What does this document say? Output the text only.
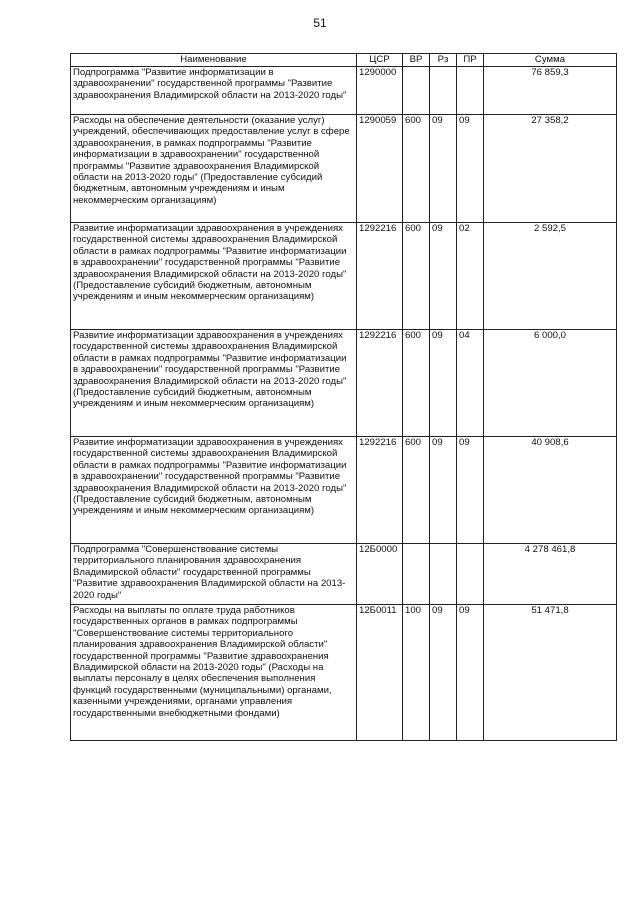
51
Наименование	ЦСР	ВР	Рз	ПР	Сумма
Подпрограмма "Развитие информатизации в здравоохранении" государственной программы "Развитие здравоохранения Владимирской области на 2013-2020 годы"	1290000				76 859,3
Расходы на обеспечение деятельности (оказание услуг) учреждений, обеспечивающих предоставление услуг в сфере здравоохранения, в рамках подпрограммы "Развитие информатизации в здравоохранении" государственной программы "Развитие здравоохранения Владимирской области на 2013-2020 годы" (Предоставление субсидий бюджетным, автономным учреждениям и иным некоммерческим организациям)	1290059	600	09	09	27 358,2
Развитие информатизации здравоохранения в учреждениях государственной системы здравоохранения Владимирской области в рамках подпрограммы "Развитие информатизации в здравоохранении" государственной программы "Развитие здравоохранения Владимирской области на 2013-2020 годы" (Предоставление субсидий бюджетным, автономным учреждениям и иным некоммерческим организациям)	1292216	600	09	02	2 592,5
Развитие информатизации здравоохранения в учреждениях государственной системы здравоохранения Владимирской области в рамках подпрограммы "Развитие информатизации в здравоохранении" государственной программы "Развитие здравоохранения Владимирской области на 2013-2020 годы" (Предоставление субсидий бюджетным, автономным учреждениям и иным некоммерческим организациям)	1292216	600	09	04	6 000,0
Развитие информатизации здравоохранения в учреждениях государственной системы здравоохранения Владимирской области в рамках подпрограммы "Развитие информатизации в здравоохранении" государственной программы "Развитие здравоохранения Владимирской области на 2013-2020 годы" (Предоставление субсидий бюджетным, автономным учреждениям и иным некоммерческим организациям)	1292216	600	09	09	40 908,6
Подпрограмма "Совершенствование системы территориального планирования здравоохранения Владимирской области" государственной программы "Развитие здравоохранения Владимирской области на 2013-2020 годы"	12Б0000				4 278 461,8
Расходы на выплаты по оплате труда работников государственных органов в рамках подпрограммы "Совершенствование системы территориального планирования здравоохранения Владимирской области" государственной программы "Развитие здравоохранения Владимирской области на 2013-2020 годы" (Расходы на выплаты персоналу в целях обеспечения выполнения функций государственными (муниципальными) органами, казенными учреждениями, органами управления государственными внебюджетными фондами)	12Б0011	100	09	09	51 471,8
